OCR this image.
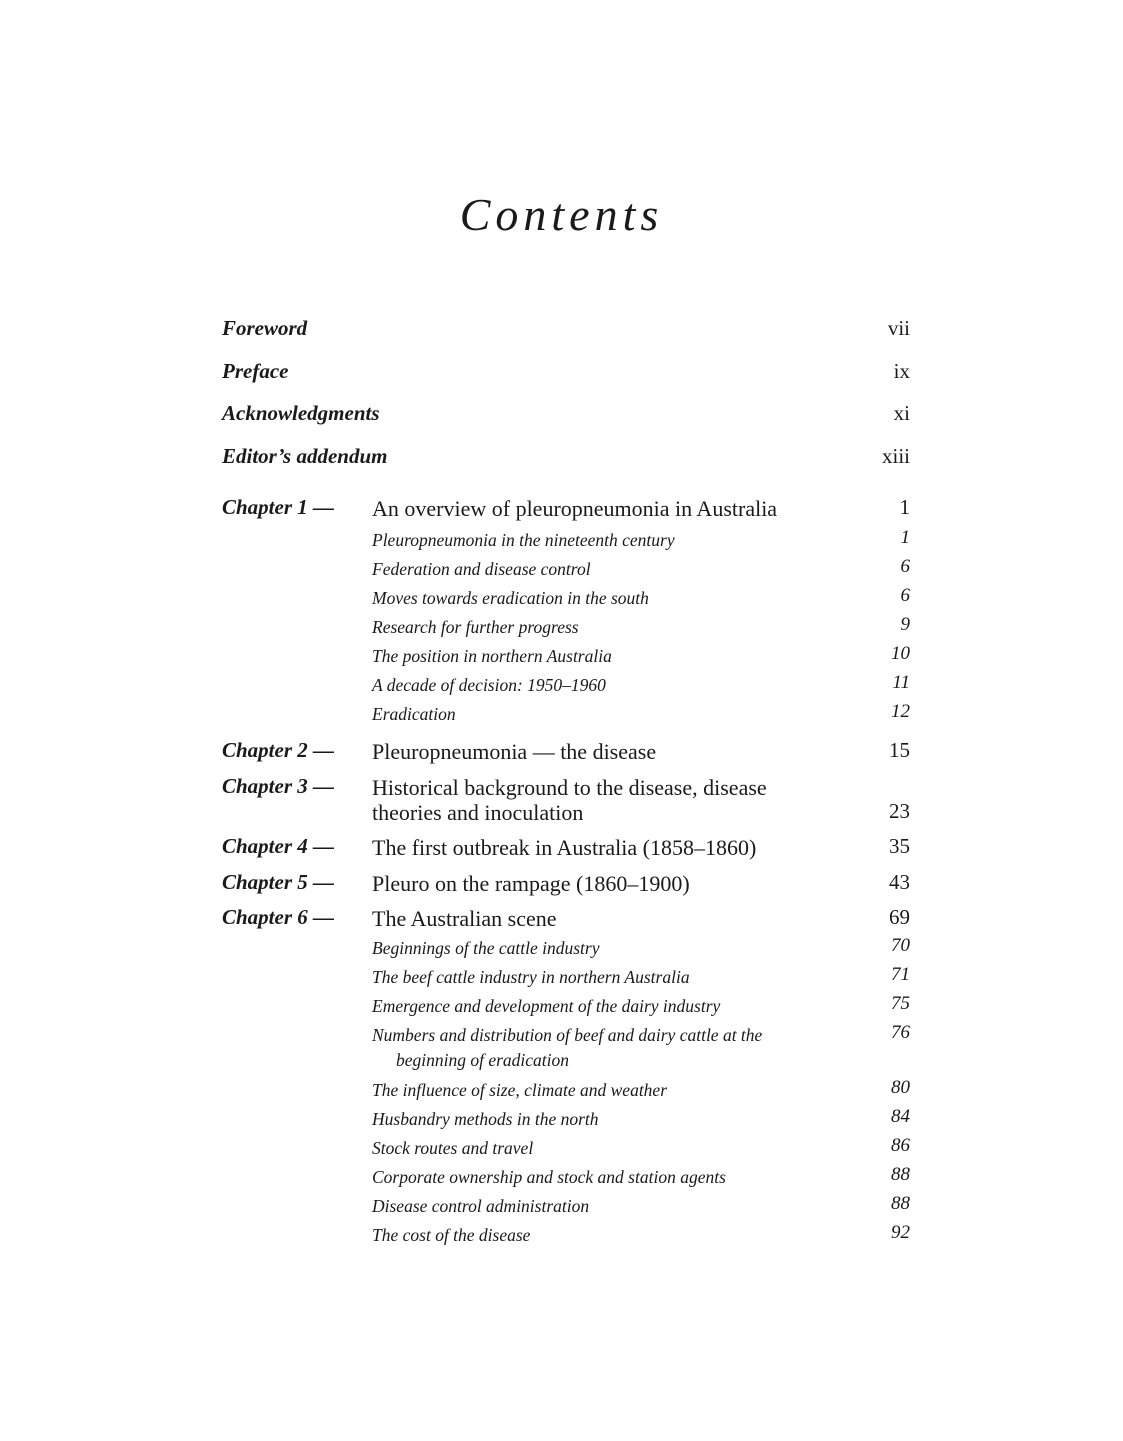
Contents
Foreword	vii
Preface	ix
Acknowledgments	xi
Editor’s addendum	xiii
Chapter 1 — An overview of pleuropneumonia in Australia	1
Pleuropneumonia in the nineteenth century	1
Federation and disease control	6
Moves towards eradication in the south	6
Research for further progress	9
The position in northern Australia	10
A decade of decision: 1950–1960	11
Eradication	12
Chapter 2 — Pleuropneumonia — the disease	15
Chapter 3 — Historical background to the disease, disease
theories and inoculation	23
Chapter 4 — The first outbreak in Australia (1858–1860)	35
Chapter 5 — Pleuro on the rampage (1860–1900)	43
Chapter 6 — The Australian scene	69
Beginnings of the cattle industry	70
The beef cattle industry in northern Australia	71
Emergence and development of the dairy industry	75
Numbers and distribution of beef and dairy cattle at the	76
beginning of eradication
The influence of size, climate and weather	80
Husbandry methods in the north	84
Stock routes and travel	86
Corporate ownership and stock and station agents	88
Disease control administration	88
The cost of the disease	92
